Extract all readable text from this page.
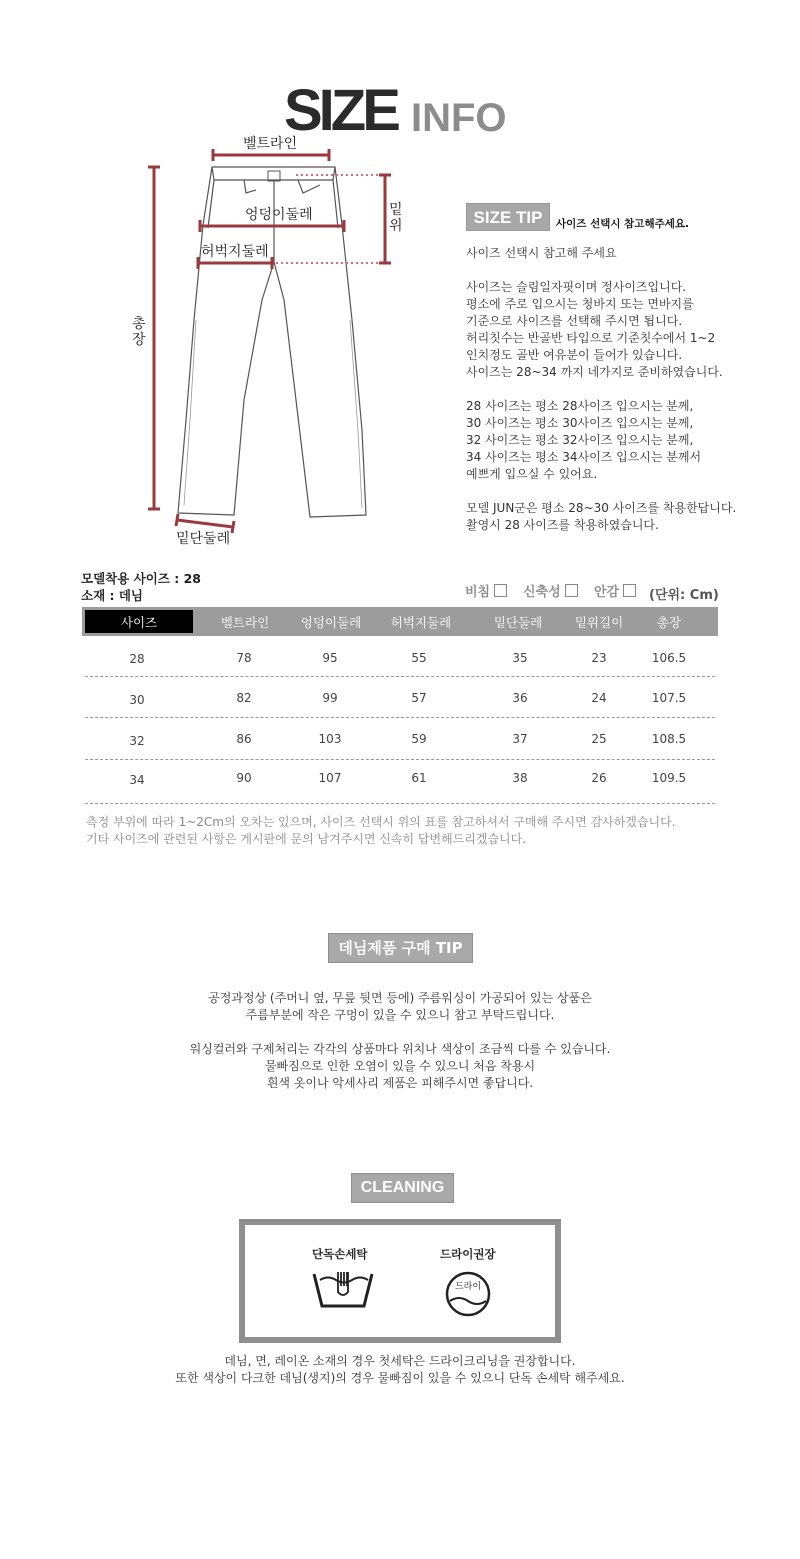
SIZE INFO
벨트라인
엉덩이둘레
허벅지둘레
밑
위
총
장
밑단둘레
SIZE TIP	사이즈 선택시 참고해주세요.
사이즈 선택시 참고해 주세요
사이즈는 슬림일자핏이며 정사이즈입니다.
평소에 주로 입으시는 청바지 또는 면바지를
기준으로 사이즈를 선택해 주시면 됩니다.
허리칫수는 반골반 타입으로 기준칫수에서 1~2
인치정도 골반 여유분이 들어가 있습니다.
사이즈는 28~34 까지 네가지로 준비하였습니다.
28 사이즈는 평소 28사이즈 입으시는 분께,
30 사이즈는 평소 30사이즈 입으시는 분께,
32 사이즈는 평소 32사이즈 입으시는 분께,
34 사이즈는 평소 34사이즈 입으시는 분께서
예쁘게 입으실 수 있어요.
모델 JUN군은 평소 28~30 사이즈를 착용한답니다.
촬영시 28 사이즈를 착용하였습니다.
모델착용 사이즈 : 28
소재 : 데님	비침	신축성	안감	(단위: Cm)
사이즈	벨트라인	엉덩이둘레	허벅지둘레	밑단둘레	밑위길이	총장
28	78	95	55	35	23	106.5
30	82	99	57	36	24	107.5
32	86	103	59	37	25	108.5
34	90	107	61	38	26	109.5
측정 부위에 따라 1~2Cm의 오차는 있으며, 사이즈 선택시 위의 표를 참고하셔서 구매해 주시면 감사하겠습니다.
기타 사이즈에 관련된 사항은 게시판에 문의 남겨주시면 신속히 답변해드리겠습니다.
데님제품 구매 TIP
공정과정상 (주머니 옆, 무릎 뒷면 등에) 주름워싱이 가공되어 있는 상품은
주름부분에 작은 구멍이 있을 수 있으니 참고 부탁드립니다.
워싱컬러와 구제처리는 각각의 상품마다 위치나 색상이 조금씩 다를 수 있습니다.
물빠짐으로 인한 오염이 있을 수 있으니 처음 착용시
흰색 옷이나 악세사리 제품은 피해주시면 좋답니다.
CLEANING
단독손세탁	드라이권장
드라이
데님, 면, 레이온 소재의 경우 첫세탁은 드라이크리닝을 권장합니다.
또한 색상이 다크한 데님(생지)의 경우 물빠짐이 있을 수 있으니 단독 손세탁 해주세요.
